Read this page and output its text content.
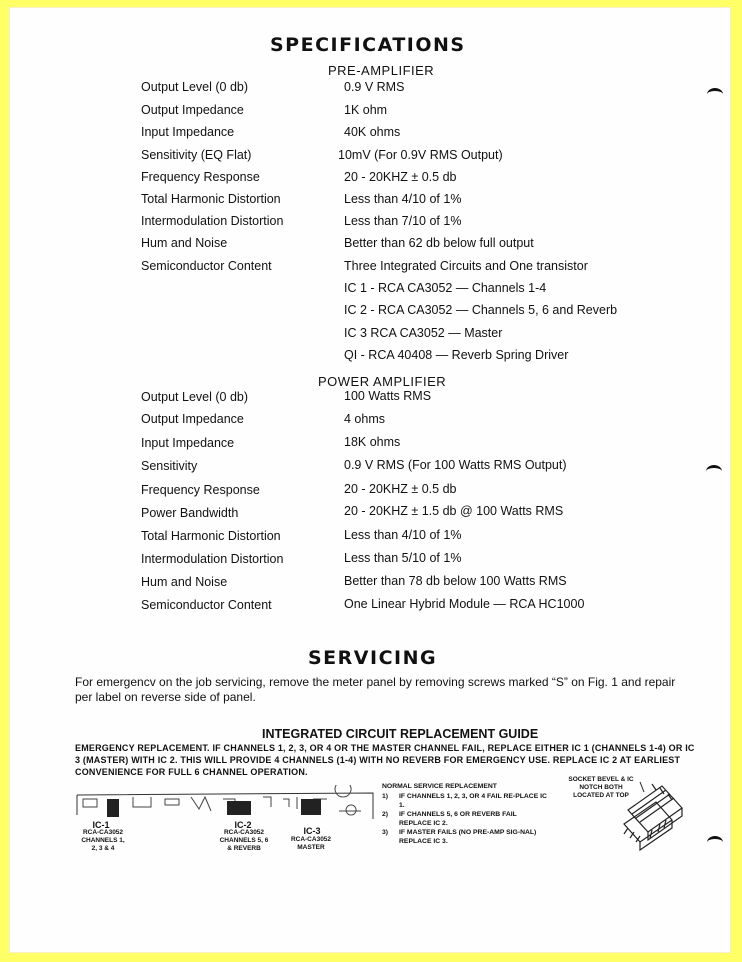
SPECIFICATIONS
PRE-AMPLIFIER
Output Level (0 db)	0.9 V RMS
Output Impedance	1K ohm
Input Impedance	40K ohms
Sensitivity (EQ Flat)	10mV (For 0.9V RMS Output)
Frequency Response	20 - 20KHZ ± 0.5 db
Total Harmonic Distortion	Less than 4/10 of 1%
Intermodulation Distortion	Less than 7/10 of 1%
Hum and Noise	Better than 62 db below full output
Semiconductor Content	Three Integrated Circuits and One transistor
IC 1 - RCA CA3052 — Channels 1-4
IC 2 - RCA CA3052 — Channels 5, 6 and Reverb
IC 3 RCA CA3052 — Master
QI - RCA 40408 — Reverb Spring Driver
POWER AMPLIFIER
Output Level (0 db)	100 Watts RMS
Output Impedance	4 ohms
Input Impedance	18K ohms
Sensitivity	0.9 V RMS (For 100 Watts RMS Output)
Frequency Response	20 - 20KHZ ± 0.5 db
Power Bandwidth	20 - 20KHZ ± 1.5 db @ 100 Watts RMS
Total Harmonic Distortion	Less than 4/10 of 1%
Intermodulation Distortion	Less than 5/10 of 1%
Hum and Noise	Better than 78 db below 100 Watts RMS
Semiconductor Content	One Linear Hybrid Module — RCA HC1000
SERVICING
For emergencv on the job servicing, remove the meter panel by removing screws marked “S” on Fig. 1 and repair per label on reverse side of panel.
INTEGRATED CIRCUIT REPLACEMENT GUIDE
EMERGENCY REPLACEMENT. IF CHANNELS 1, 2, 3, OR 4 OR THE MASTER CHANNEL FAIL, REPLACE EITHER IC 1 (CHANNELS 1-4) OR IC 3 (MASTER) WITH IC 2. THIS WILL PROVIDE 4 CHANNELS (1-4) WITH NO REVERB FOR EMERGENCY USE. REPLACE IC 2 AT EARLIEST CONVENIENCE FOR FULL 6 CHANNEL OPERATION.
IC-1
RCA-CA3052 CHANNELS 1, 2, 3 & 4
IC-2
RCA-CA3052 CHANNELS 5, 6 & REVERB
IC-3
RCA-CA3052 MASTER
NORMAL SERVICE REPLACEMENT
1) IF CHANNELS 1, 2, 3, OR 4 FAIL RE-PLACE IC 1.
2) IF CHANNELS 5, 6 OR REVERB FAIL REPLACE IC 2.
3) IF MASTER FAILS (NO PRE-AMP SIG-NAL) REPLACE IC 3.
SOCKET BEVEL & IC NOTCH BOTH LOCATED AT TOP
